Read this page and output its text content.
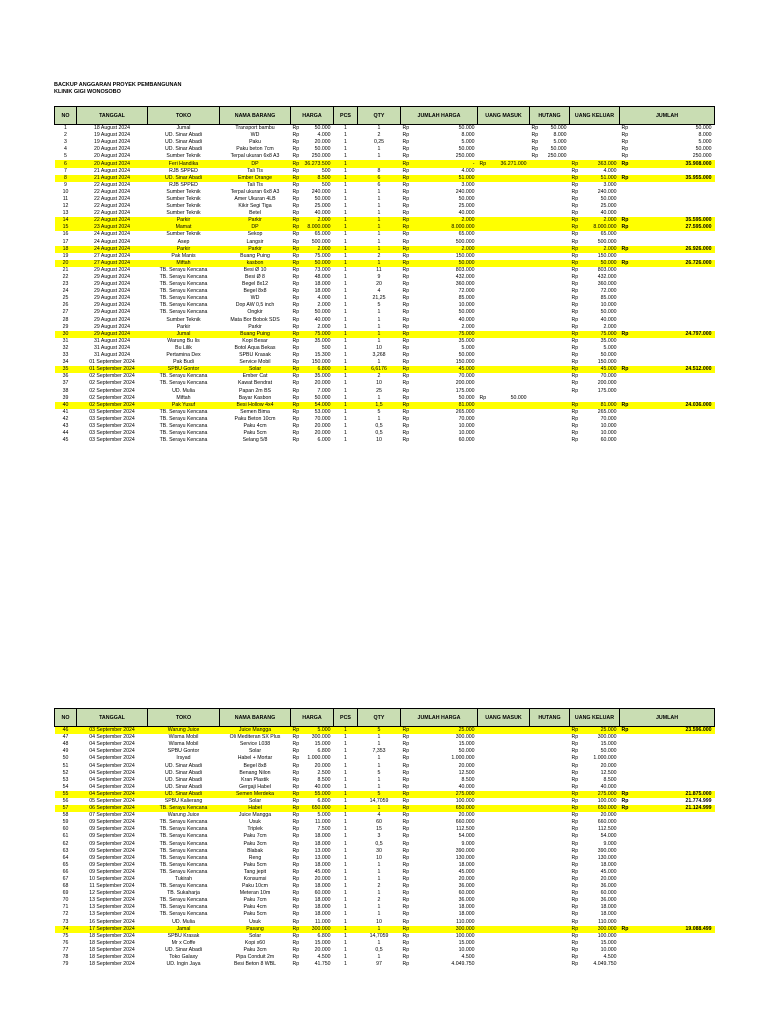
BACKUP ANGGARAN PROYEK PEMBANGUNAN
KLINIK GIGI WONOSOBO
NO	TANGGAL	TOKO	NAMA BARANG	HARGA	PCS	QTY	JUMLAH HARGA	UANG MASUK	HUTANG	UANG KELUAR	JUMLAH
1	18 August 2024	Jumal	Transport bambu	Rp 50.000	1	1	Rp 50.000		Rp 50.000		Rp 50.000

2	19 August 2024	UD. Sinar Abadi	WD	Rp 4.000	1	2	Rp 8.000		Rp 8.000		Rp 8.000

3	19 August 2024	UD. Sinar Abadi	Paku	Rp 20.000	1	0,25	Rp 5.000		Rp 5.000		Rp 5.000

4	20 August 2024	UD. Sinar Abadi	Paku beton 7cm	Rp 50.000	1	1	Rp 50.000		Rp 50.000		Rp 50.000

5	20 August 2024	Sumber Teknik	Terpal ukuran 6x8 A3	Rp 250.000	1	1	Rp 250.000		Rp 250.000		Rp 250.000

6	20 August 2024	Feri Handika	DP	Rp 36.273.500	1		Rp -	Rp 36.271.000		Rp 363.000	Rp 35.908.000

7	21 August 2024	RJB SPPED	Tali Tis	Rp 500	1	8	Rp 4.000			Rp 4.000	

8	21 August 2024	UD. Sinar Abadi	Ember Orange	Rp 8.500	1	6	Rp 51.000			Rp 51.000	Rp 35.955.000

9	22 August 2024	RJB SPPED	Tali Tis	Rp 500	1	6	Rp 3.000			Rp 3.000	

10	22 August 2024	Sumber Teknik	Terpal ukuran 6x8 A3	Rp 240.000	1	1	Rp 240.000			Rp 240.000	

11	22 August 2024	Sumber Teknik	Amer Ukuran 4LB	Rp 50.000	1	1	Rp 50.000			Rp 50.000	

12	22 August 2024	Sumber Teknik	Kikir Segi Tiga	Rp 25.000	1	1	Rp 25.000			Rp 25.000	

13	22 August 2024	Sumber Teknik	Betel	Rp 40.000	1	1	Rp 40.000			Rp 40.000	

14	22 August 2024	Parkir	Parkir	Rp 2.000	1	1	Rp 2.000			Rp 2.000	Rp 35.595.000

15	23 August 2024	Mamat	DP	Rp 8.000.000	1	1	Rp 8.000.000			Rp 8.000.000	Rp 27.595.000

16	24 August 2024	Sumber Teknik	Sekop	Rp 65.000	1	1	Rp 65.000			Rp 65.000	

17	24 August 2024	Asep	Langsir	Rp 500.000	1	1	Rp 500.000			Rp 500.000	

18	24 August 2024	Parkir	Parkir	Rp 2.000	1	1	Rp 2.000			Rp 2.000	Rp 26.926.000

19	27 August 2024	Pak Manis	Buang Puing	Rp 75.000	1	2	Rp 150.000			Rp 150.000	

20	27 August 2024	Miftah	kasbon	Rp 50.000	1	1	Rp 50.000			Rp 50.000	Rp 26.726.000

21	29 August 2024	TB. Serayu Kencana	Besi Ø 10	Rp 73.000	1	11	Rp 803.000			Rp 803.000	

22	29 August 2024	TB. Serayu Kencana	Besi Ø 8	Rp 48.000	1	9	Rp 432.000			Rp 432.000	

23	29 August 2024	TB. Serayu Kencana	Begel 8x12	Rp 18.000	1	20	Rp 360.000			Rp 360.000	

24	29 August 2024	TB. Serayu Kencana	Begel 8x8	Rp 18.000	1	4	Rp 72.000			Rp 72.000	

25	29 August 2024	TB. Serayu Kencana	WD	Rp 4.000	1	21,25	Rp 85.000			Rp 85.000	

26	29 August 2024	TB. Serayu Kencana	Dop AW 0,5 inch	Rp 2.000	1	5	Rp 10.000			Rp 10.000	

27	29 August 2024	TB. Serayu Kencana	Ongkir	Rp 50.000	1	1	Rp 50.000			Rp 50.000	

28	29 August 2024	Sumber Teknik	Mata Bor Bobok SDS	Rp 40.000	1	1	Rp 40.000			Rp 40.000	

29	29 August 2024	Parkir	Parkir	Rp 2.000	1	1	Rp 2.000			Rp 2.000	

30	29 August 2024	Jumal	Buang Puing	Rp 75.000	1	1	Rp 75.000			Rp 75.000	Rp 24.797.000

31	31 August 2024	Warung Bu Iis	Kopi Besar	Rp 35.000	1	1	Rp 35.000			Rp 35.000	

32	31 August 2024	Bu Lilik	Botol Aqua Bekas	Rp 500	1	10	Rp 5.000			Rp 5.000	

33	31 August 2024	Pertamina Dex	SPBU Krasak	Rp 15.300	1	3,268	Rp 50.000			Rp 50.000	

34	01 September 2024	Pak Budi	Service Mobil	Rp 150.000	1	1	Rp 150.000			Rp 150.000	

35	01 September 2024	SPBU Gontor	Solar	Rp 6.800	1	6,6176	Rp 45.000			Rp 45.000	Rp 24.512.000

36	02 September 2024	TB. Serayu Kencana	Ember Cat	Rp 35.000	1	2	Rp 70.000			Rp 70.000	

37	02 September 2024	TB. Serayu Kencana	Kawat Bendrat	Rp 20.000	1	10	Rp 200.000			Rp 200.000	

38	02 September 2024	UD. Mulia	Papan 2m BS	Rp 7.000	1	25	Rp 175.000			Rp 175.000	

39	02 September 2024	Miftah	Bayar Kasbon	Rp 50.000	1	1	Rp 50.000	Rp 50.000			

40	02 September 2024	Pak Yusuf	Besi Hollow 4x4	Rp 54.000	1	1,5	Rp 81.000			Rp 81.000	Rp 24.036.000

41	03 September 2024	TB. Serayu Kencana	Semen Bima	Rp 53.000	1	5	Rp 265.000			Rp 265.000	

42	03 September 2024	TB. Serayu Kencana	Paku Beton 10cm	Rp 70.000	1	1	Rp 70.000			Rp 70.000	

43	03 September 2024	TB. Serayu Kencana	Paku 4cm	Rp 20.000	1	0,5	Rp 10.000			Rp 10.000	

44	03 September 2024	TB. Serayu Kencana	Paku 5cm	Rp 20.000	1	0,5	Rp 10.000			Rp 10.000	

45	03 September 2024	TB. Serayu Kencana	Selang 5/8	Rp 6.000	1	10	Rp 60.000			Rp 60.000	

NO	TANGGAL	TOKO	NAMA BARANG	HARGA	PCS	QTY	JUMLAH HARGA	UANG MASUK	HUTANG	UANG KELUAR	JUMLAH
46	03 September 2024	Warung Juice	Juice Mangga	Rp 5.000	1	5	Rp 25.000			Rp 25.000	Rp 23.596.000

47	04 September 2024	Wisma Mobil	Oli Mediteran SX Plus	Rp 300.000	1	1	Rp 300.000			Rp 300.000	

48	04 September 2024	Wisma Mobil	Service L038	Rp 15.000	1	1	Rp 15.000			Rp 15.000	

49	04 September 2024	SPBU Gontor	Solar	Rp 6.800	1	7,353	Rp 50.000			Rp 50.000	

50	04 September 2024	Irsyad	Habel + Mortar	Rp 1.000.000	1	1	Rp 1.000.000			Rp 1.000.000	

51	04 September 2024	UD. Sinar Abadi	Begel 8x8	Rp 20.000	1	1	Rp 20.000			Rp 20.000	

52	04 September 2024	UD. Sinar Abadi	Benang Nilon	Rp 2.500	1	5	Rp 12.500			Rp 12.500	

53	04 September 2024	UD. Sinar Abadi	Kran Plastik	Rp 8.500	1	1	Rp 8.500			Rp 8.500	

54	04 September 2024	UD. Sinar Abadi	Gergaji Habel	Rp 40.000	1	1	Rp 40.000			Rp 40.000	

55	04 September 2024	UD. Sinar Abadi	Semen Merdeka	Rp 55.000	1	5	Rp 275.000			Rp 275.000	Rp 21.875.000

56	05 September 2024	SPBU Kalierang	Solar	Rp 6.800	1	14,7059	Rp 100.000			Rp 100.000	Rp 21.774.999

57	06 September 2024	TB. Serayu Kencana	Habel	Rp 650.000	1	1	Rp 650.000			Rp 650.000	Rp 21.124.999

58	07 September 2024	Warung Juice	Juice Mangga	Rp 5.000	1	4	Rp 20.000			Rp 20.000	

59	09 September 2024	TB. Serayu Kencana	Usuk	Rp 11.000	1	60	Rp 660.000			Rp 660.000	

60	09 September 2024	TB. Serayu Kencana	Triplek	Rp 7.500	1	15	Rp 112.500			Rp 112.500	

61	09 September 2024	TB. Serayu Kencana	Paku 7cm	Rp 18.000	1	3	Rp 54.000			Rp 54.000	

62	09 September 2024	TB. Serayu Kencana	Paku 3cm	Rp 18.000	1	0,5	Rp 9.000			Rp 9.000	

63	09 September 2024	TB. Serayu Kencana	Blabak	Rp 13.000	1	30	Rp 390.000			Rp 390.000	

64	09 September 2024	TB. Serayu Kencana	Reng	Rp 13.000	1	10	Rp 130.000			Rp 130.000	

65	09 September 2024	TB. Serayu Kencana	Paku 5cm	Rp 18.000	1	1	Rp 18.000			Rp 18.000	

66	09 September 2024	TB. Serayu Kencana	Tang jepit	Rp 45.000	1	1	Rp 45.000			Rp 45.000	

67	10 September 2024	Tukirah	Konsumsi	Rp 20.000	1	1	Rp 20.000			Rp 20.000	

68	11 September 2024	TB. Serayu Kencana	Paku 10cm	Rp 18.000	1	2	Rp 36.000			Rp 36.000	

69	12 September 2024	TB. Sukaharja	Meteran 10m	Rp 60.000	1	1	Rp 60.000			Rp 60.000	

70	13 September 2024	TB. Serayu Kencana	Paku 7cm	Rp 18.000	1	2	Rp 36.000			Rp 36.000	

71	13 September 2024	TB. Serayu Kencana	Paku 4cm	Rp 18.000	1	1	Rp 18.000			Rp 18.000	

72	13 September 2024	TB. Serayu Kencana	Paku 5cm	Rp 18.000	1	1	Rp 18.000			Rp 18.000	

73	16 September 2024	UD. Mulia	Usuk	Rp 11.000	1	10	Rp 110.000			Rp 110.000	

74	17 September 2024	Jamal	Pasang	Rp 300.000	1	1	Rp 300.000			Rp 300.000	Rp 19.088.499

75	18 September 2024	SPBU Krasak	Solar	Rp 6.800	1	14,7059	Rp 100.000			Rp 100.000	

76	18 September 2024	Mr x Coffe	Kopi x60	Rp 15.000	1	1	Rp 15.000			Rp 15.000	

77	18 September 2024	UD. Sinar Abadi	Paku 3cm	Rp 20.000	1	0,5	Rp 10.000			Rp 10.000	

78	18 September 2024	Toko Galaxy	Pipa Conduit 2m	Rp 4.500	1	1	Rp 4.500			Rp 4.500	

79	18 September 2024	UD. Ingin Jaya	Besi Beton 8 WBL	Rp 41.750	1	97	Rp 4.049.750			Rp 4.049.750	
